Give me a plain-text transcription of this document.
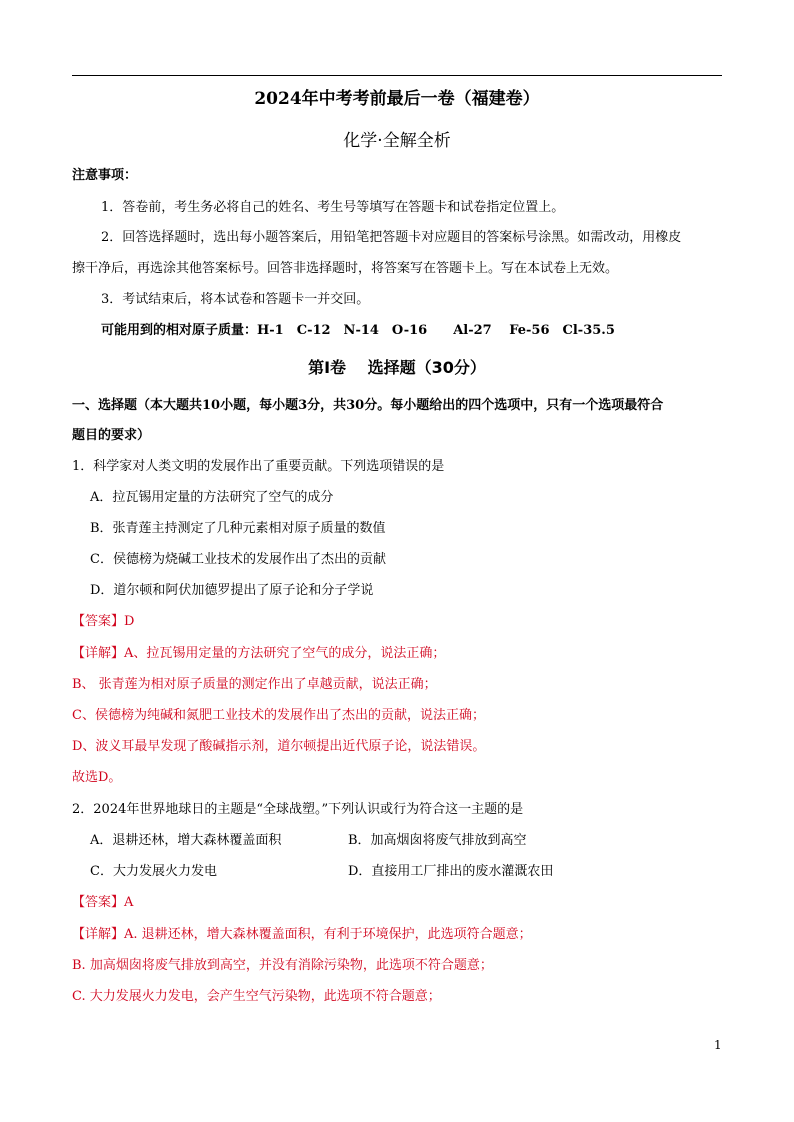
2024年中考考前最后一卷（福建卷）
化学·全解全析
注意事项：
1．答卷前，考生务必将自己的姓名、考生号等填写在答题卡和试卷指定位置上。
2．回答选择题时，选出每小题答案后，用铅笔把答题卡对应题目的答案标号涂黑。如需改动，用橡皮
擦干净后，再选涂其他答案标号。回答非选择题时，将答案写在答题卡上。写在本试卷上无效。
3．考试结束后，将本试卷和答题卡一并交回。
可能用到的相对原子质量：H-1　C-12　N-14　O-16　　Al-27　 Fe-56　Cl-35.5
第Ⅰ卷　 选择题（30分）
一、选择题（本大题共10小题，每小题3分，共30分。每小题给出的四个选项中，只有一个选项最符合
题目的要求）
1．科学家对人类文明的发展作出了重要贡献。下列选项错误的是
A．拉瓦锡用定量的方法研究了空气的成分
B．张青莲主持测定了几种元素相对原子质量的数值
C．侯德榜为烧碱工业技术的发展作出了杰出的贡献
D．道尔顿和阿伏加德罗提出了原子论和分子学说
【答案】D
【详解】A、拉瓦锡用定量的方法研究了空气的成分，说法正确；
B、 张青莲为相对原子质量的测定作出了卓越贡献，说法正确；
C、侯德榜为纯碱和氮肥工业技术的发展作出了杰出的贡献，说法正确；
D、波义耳最早发现了酸碱指示剂，道尔顿提出近代原子论，说法错误。
故选D。
2．2024年世界地球日的主题是“全球战塑。”下列认识或行为符合这一主题的是
A．退耕还林，增大森林覆盖面积	B．加高烟囱将废气排放到高空
C．大力发展火力发电	D．直接用工厂排出的废水灌溉农田
【答案】A
【详解】A. 退耕还林，增大森林覆盖面积，有利于环境保护，此选项符合题意；
B. 加高烟囱将废气排放到高空，并没有消除污染物，此选项不符合题意；
C. 大力发展火力发电，会产生空气污染物，此选项不符合题意；
1
